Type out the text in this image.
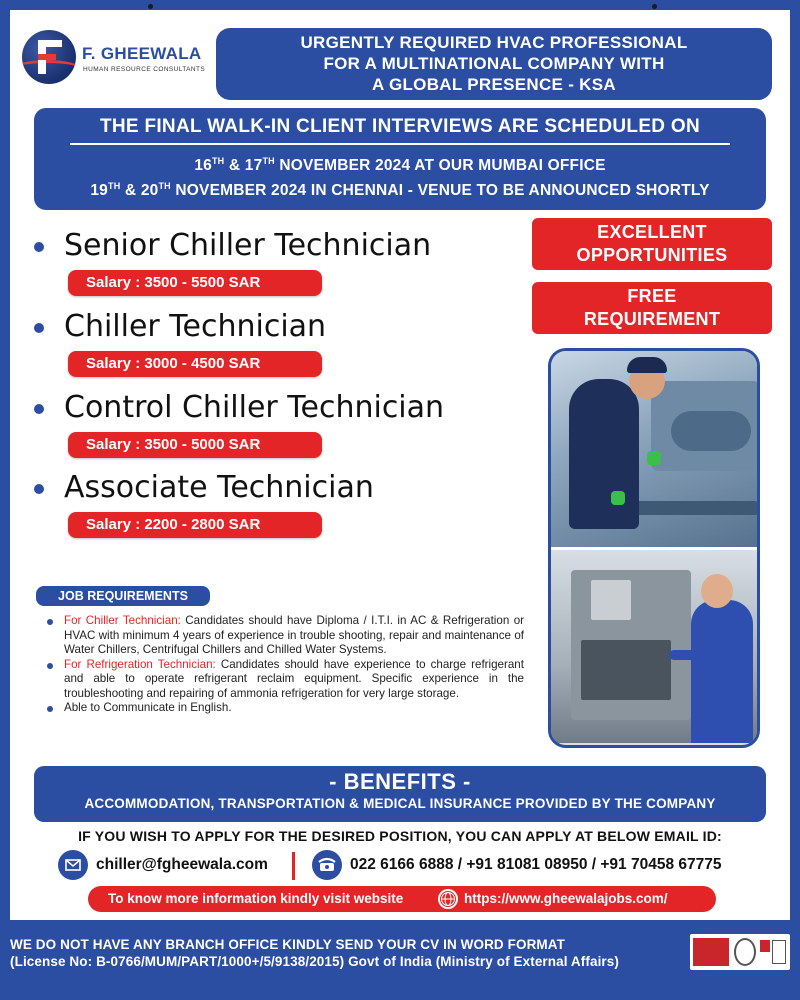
F. GHEEWALA
HUMAN RESOURCE CONSULTANTS
URGENTLY REQUIRED HVAC PROFESSIONAL
FOR A MULTINATIONAL COMPANY WITH
A GLOBAL PRESENCE - KSA
THE FINAL WALK-IN CLIENT INTERVIEWS ARE SCHEDULED ON
16TH & 17TH NOVEMBER 2024 AT OUR MUMBAI OFFICE
19TH & 20TH NOVEMBER 2024 IN CHENNAI - VENUE TO BE ANNOUNCED SHORTLY
Senior Chiller Technician
Salary : 3500 - 5500 SAR
Chiller Technician
Salary : 3000 - 4500 SAR
Control Chiller Technician
Salary : 3500 - 5000 SAR
Associate Technician
Salary : 2200 - 2800 SAR
EXCELLENT
OPPORTUNITIES
FREE
REQUIREMENT
JOB REQUIREMENTS
For Chiller Technician: Candidates should have Diploma / I.T.I. in AC & Refrigeration or HVAC with minimum 4 years of experience in trouble shooting, repair and maintenance of Water Chillers, Centrifugal Chillers and Chilled Water Systems.
For Refrigeration Technician: Candidates should have experience to charge refrigerant and able to operate refrigerant reclaim equipment. Specific experience in the troubleshooting and repairing of ammonia refrigeration for very large storage.
Able to Communicate in English.
- BENEFITS -
ACCOMMODATION, TRANSPORTATION & MEDICAL INSURANCE PROVIDED BY THE COMPANY
IF YOU WISH TO APPLY FOR THE DESIRED POSITION, YOU CAN APPLY AT BELOW EMAIL ID:
chiller@fgheewala.com	022 6166 6888 / +91 81081 08950 / +91 70458 67775
To know more information kindly visit website	https://www.gheewalajobs.com/
WE DO NOT HAVE ANY BRANCH OFFICE KINDLY SEND YOUR CV IN WORD FORMAT
(License No: B-0766/MUM/PART/1000+/5/9138/2015) Govt of India (Ministry of External Affairs)
